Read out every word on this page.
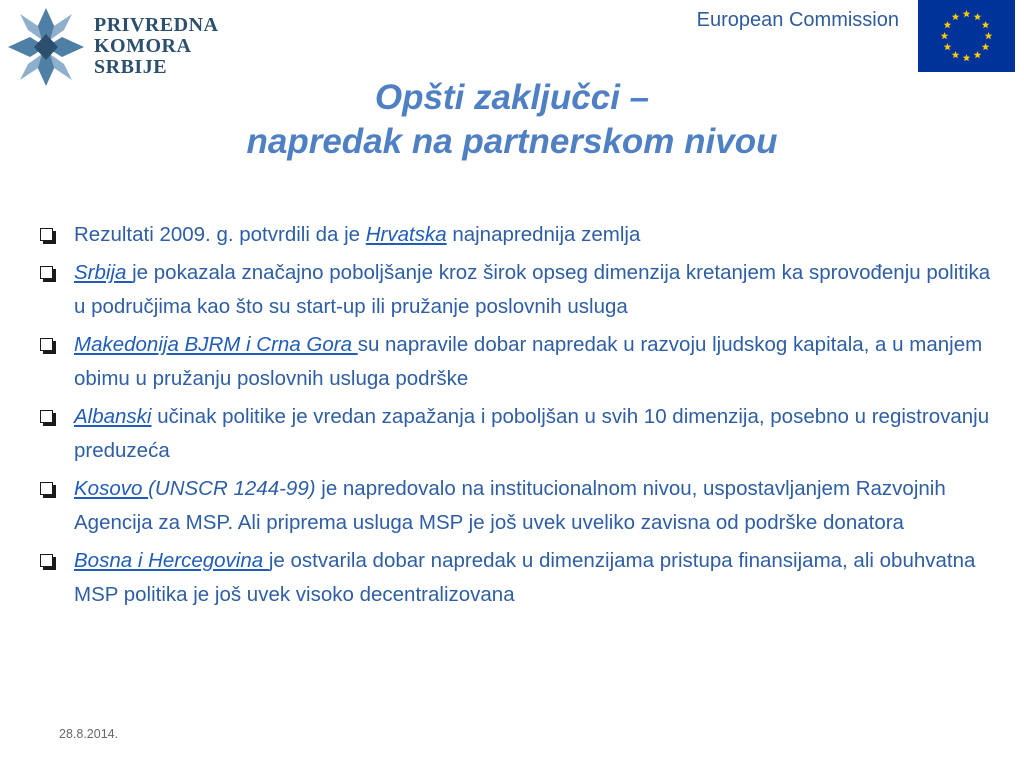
PRIVREDNA
KOMORA
SRBIJE
European Commission
Opšti zaključci –
napredak na partnerskom nivou
Rezultati 2009. g. potvrdili da je Hrvatska najnaprednija zemlja
Srbija je pokazala značajno poboljšanje kroz širok opseg dimenzija kretanjem ka sprovođenju politika u područjima kao što su start-up ili pružanje poslovnih usluga
Makedonija BJRM i Crna Gora su napravile dobar napredak u razvoju ljudskog kapitala, a u manjem obimu u pružanju poslovnih usluga podrške
Albanski učinak politike je vredan zapažanja i poboljšan u svih 10 dimenzija, posebno u registrovanju preduzeća
Kosovo (UNSCR 1244-99) je napredovalo na institucionalnom nivou, uspostavljanjem Razvojnih Agencija za MSP. Ali priprema usluga MSP je još uvek uveliko zavisna od podrške donatora
Bosna i Hercegovina je ostvarila dobar napredak u dimenzijama pristupa finansijama, ali obuhvatna MSP politika je još uvek visoko decentralizovana
28.8.2014.
